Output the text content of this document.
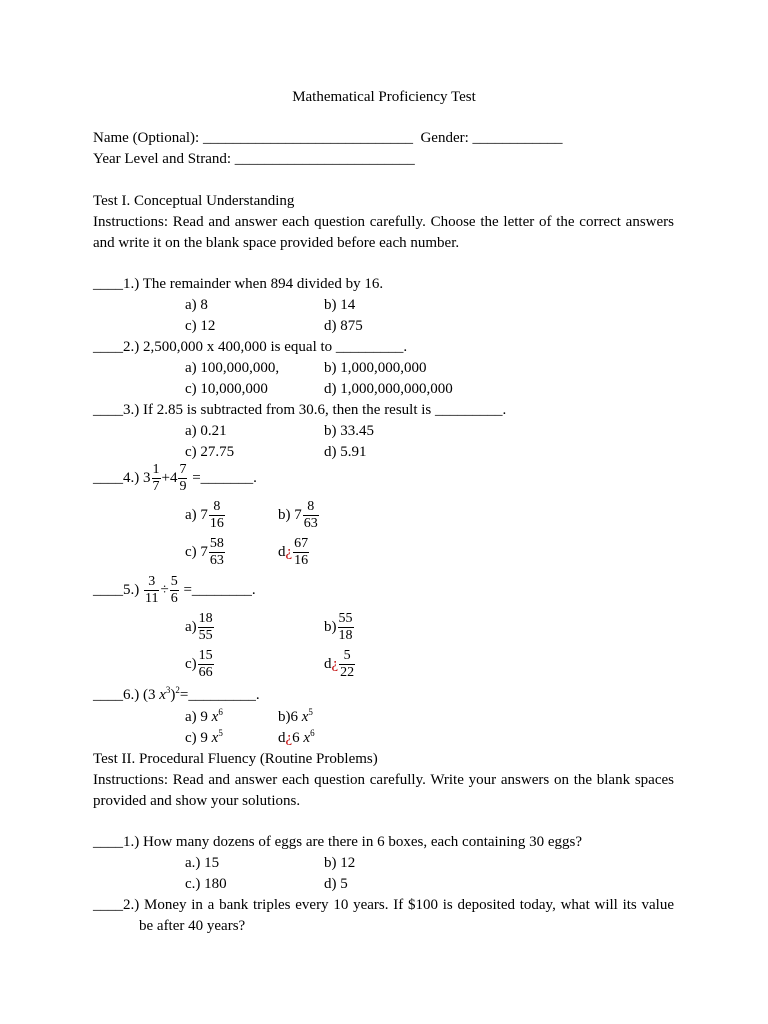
Mathematical Proficiency Test
Name (Optional): ____________________________  Gender: ____________
Year Level and Strand: ________________________
Test I. Conceptual Understanding
Instructions: Read and answer each question carefully. Choose the letter of the correct answers and write it on the blank space provided before each number.
____1.) The remainder when 894 divided by 16.
a) 8	b) 14
c) 12	d) 875
____2.) 2,500,000 x 400,000 is equal to _________.
a) 100,000,000,	b) 1,000,000,000
c) 10,000,000	d) 1,000,000,000,000
____3.) If 2.85 is subtracted from 30.6, then the result is _________.
a) 0.21	b) 33.45
c) 27.75	d) 5.91
____4.) $3 \frac{1}{7} +4 \frac{7}{9}$ =_______.
a) $7 \frac{8}{16}$	b) $7 \frac{8}{63}$
c) $7 \frac{58}{63}$	d ¿ $\frac{67}{16}$
____5.) $\frac{3}{11} \div \frac{5}{6}$ =________.
$a) \frac{18}{55}$	$b) \frac{55}{18}$
$c) \frac{15}{66}$	d ¿ $\frac{5}{22}$
____6.) (3 $x^3)^2=\_\_\_\_\_\_\_\_\_$.
a) 9 $x^6$	b)6 $x^5$
c) 9 $x^5$	d¿6 $x^6$
Test II. Procedural Fluency (Routine Problems)
Instructions: Read and answer each question carefully. Write your answers on the blank spaces provided and show your solutions.
____1.) How many dozens of eggs are there in 6 boxes, each containing 30 eggs?
a.) 15	b) 12
c.) 180	d) 5
____2.) Money in a bank triples every 10 years. If $100 is deposited today, what will its value be after 40 years?
